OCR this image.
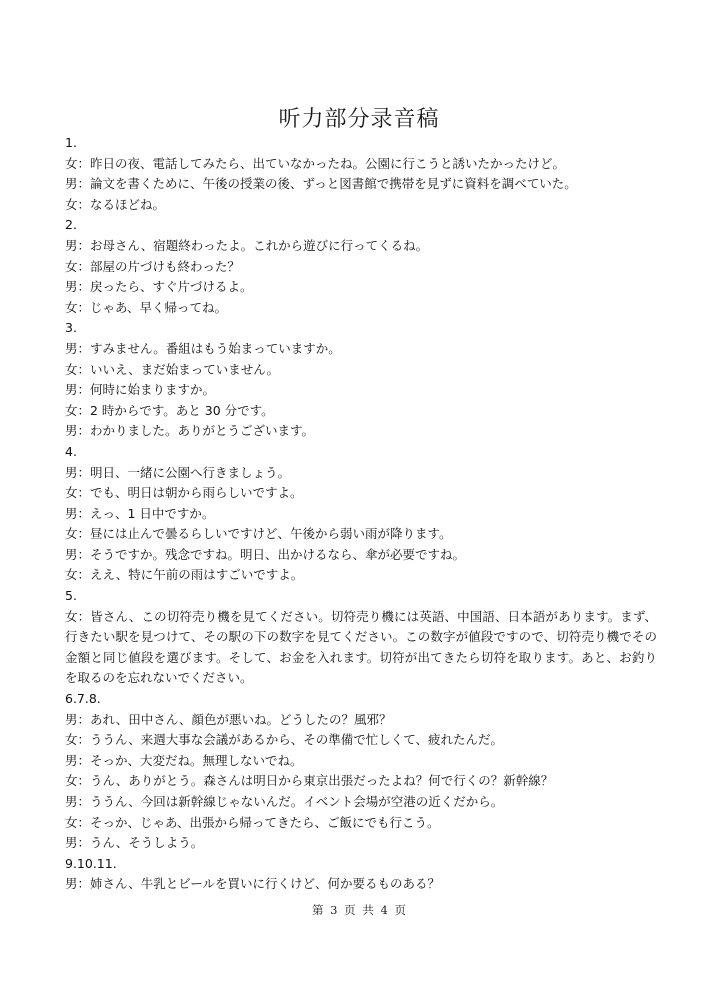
听力部分录音稿
1.
女：昨日の夜、電話してみたら、出ていなかったね。公園に行こうと誘いたかったけど。
男：論文を書くために、午後の授業の後、ずっと図書館で携帯を見ずに資料を調べていた。
女：なるほどね。
2.
男：お母さん、宿題終わったよ。これから遊びに行ってくるね。
女：部屋の片づけも終わった？
男：戻ったら、すぐ片づけるよ。
女：じゃあ、早く帰ってね。
3.
男：すみません。番組はもう始まっていますか。
女：いいえ、まだ始まっていません。
男：何時に始まりますか。
女：2 時からです。あと 30 分です。
男：わかりました。ありがとうございます。
4.
男：明日、一緒に公園へ行きましょう。
女：でも、明日は朝から雨らしいですよ。
男：えっ、1 日中ですか。
女：昼には止んで曇るらしいですけど、午後から弱い雨が降ります。
男：そうですか。残念ですね。明日、出かけるなら、傘が必要ですね。
女：ええ、特に午前の雨はすごいですよ。
5.
女：皆さん、この切符売り機を見てください。切符売り機には英語、中国語、日本語があります。まず、行きたい駅を見つけて、その駅の下の数字を見てください。この数字が値段ですので、切符売り機でその金額と同じ値段を選びます。そして、お金を入れます。切符が出てきたら切符を取ります。あと、お釣りを取るのを忘れないでください。
6.7.8.
男：あれ、田中さん、顔色が悪いね。どうしたの？風邪？
女：ううん、来週大事な会議があるから、その準備で忙しくて、疲れたんだ。
男：そっか、大変だね。無理しないでね。
女：うん、ありがとう。森さんは明日から東京出張だったよね？何で行くの？新幹線？
男：ううん、今回は新幹線じゃないんだ。イベント会場が空港の近くだから。
女：そっか、じゃあ、出張から帰ってきたら、ご飯にでも行こう。
男：うん、そうしよう。
9.10.11.
男：姉さん、牛乳とビールを買いに行くけど、何か要るものある？
第 3 页 共 4 页
